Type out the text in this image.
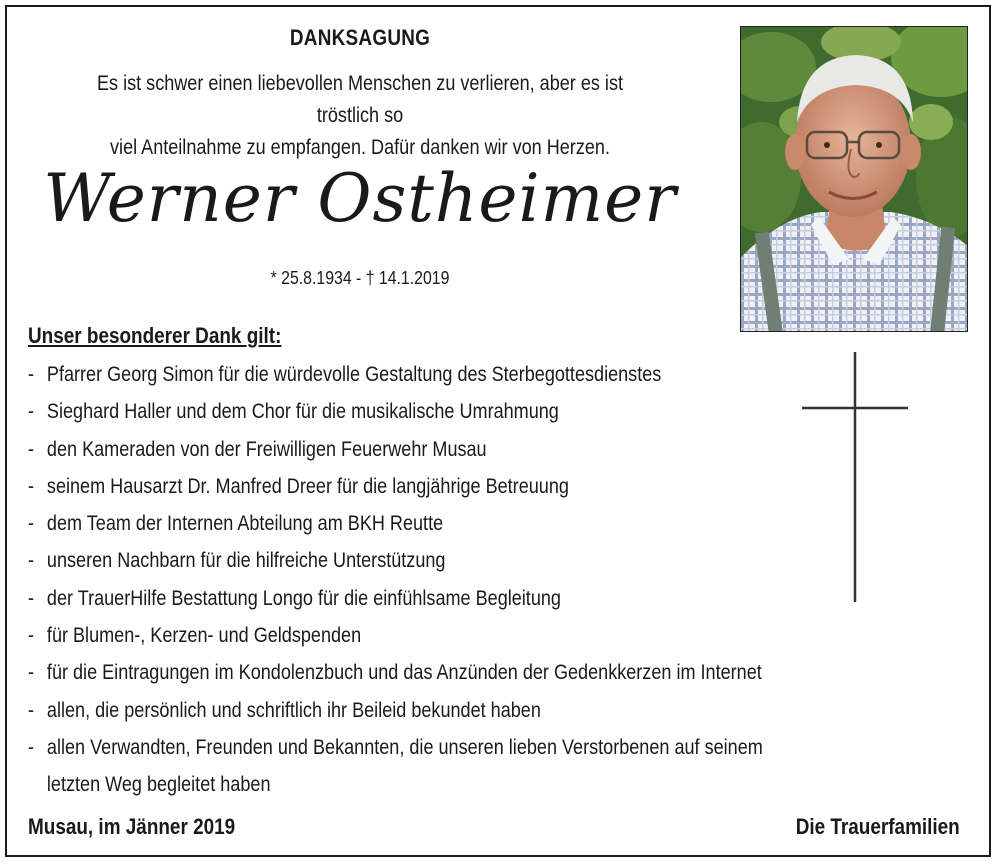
DANKSAGUNG
Es ist schwer einen liebevollen Menschen zu verlieren, aber es ist tröstlich so
viel Anteilnahme zu empfangen. Dafür danken wir von Herzen.
Werner Ostheimer
* 25.8.1934 - † 14.1.2019
Unser besonderer Dank gilt:
- Pfarrer Georg Simon für die würdevolle Gestaltung des Sterbegottesdienstes
- Sieghard Haller und dem Chor für die musikalische Umrahmung
- den Kameraden von der Freiwilligen Feuerwehr Musau
- seinem Hausarzt Dr. Manfred Dreer für die langjährige Betreuung
- dem Team der Internen Abteilung am BKH Reutte
- unseren Nachbarn für die hilfreiche Unterstützung
- der TrauerHilfe Bestattung Longo für die einfühlsame Begleitung
- für Blumen-, Kerzen- und Geldspenden
- für die Eintragungen im Kondolenzbuch und das Anzünden der Gedenkkerzen im Internet
- allen, die persönlich und schriftlich ihr Beileid bekundet haben
- allen Verwandten, Freunden und Bekannten, die unseren lieben Verstorbenen auf seinem
letzten Weg begleitet haben
Musau, im Jänner 2019	Die Trauerfamilien
